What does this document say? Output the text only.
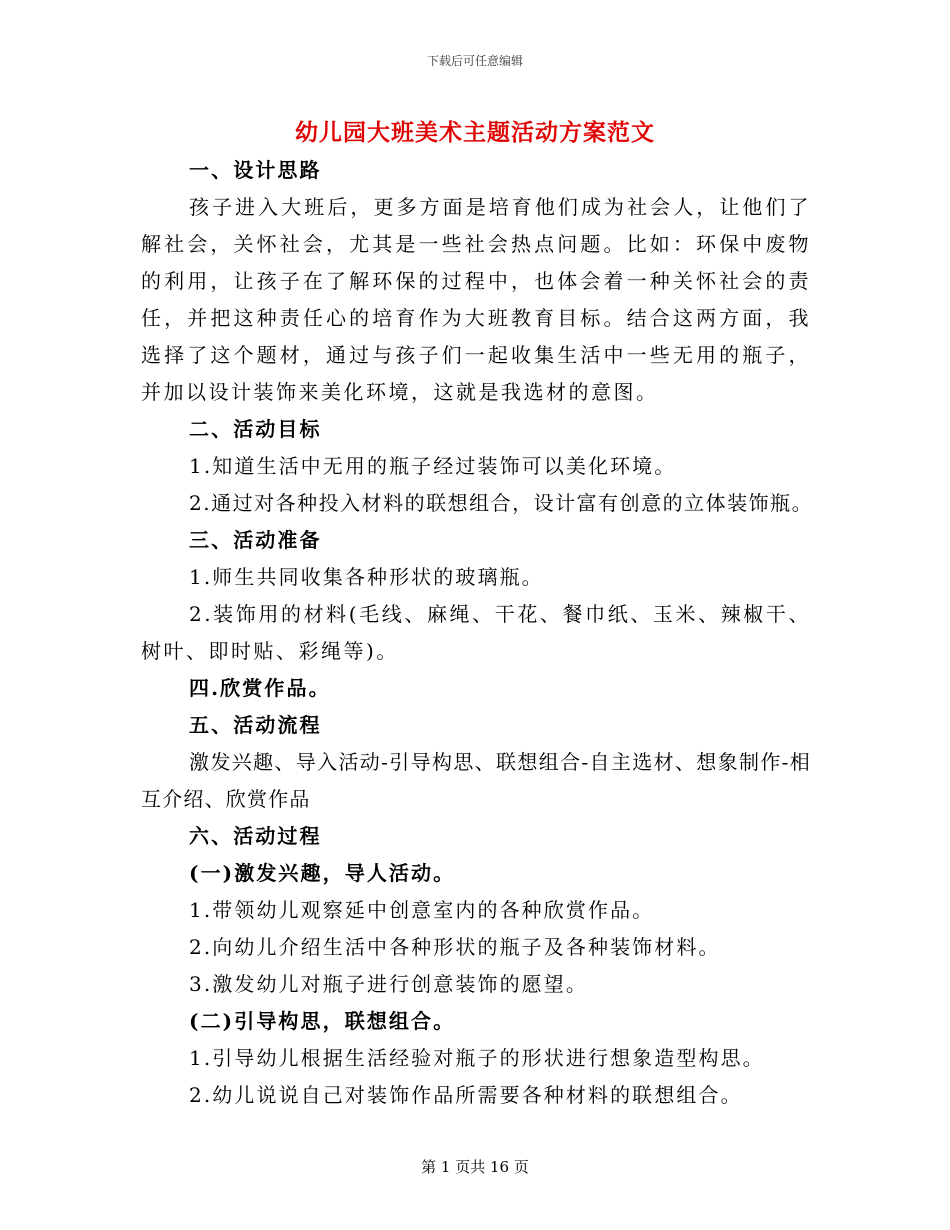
下载后可任意编辑
幼儿园大班美术主题活动方案范文
一、设计思路

孩子进入大班后，更多方面是培育他们成为社会人，让他们了解社会，关怀社会，尤其是一些社会热点问题。比如：环保中废物的利用，让孩子在了解环保的过程中，也体会着一种关怀社会的责任，并把这种责任心的培育作为大班教育目标。结合这两方面，我选择了这个题材，通过与孩子们一起收集生活中一些无用的瓶子，并加以设计装饰来美化环境，这就是我选材的意图。

二、活动目标
1.知道生活中无用的瓶子经过装饰可以美化环境。
2.通过对各种投入材料的联想组合，设计富有创意的立体装饰瓶。
三、活动准备
1.师生共同收集各种形状的玻璃瓶。

2.装饰用的材料(毛线、麻绳、干花、餐巾纸、玉米、辣椒干、树叶、即时贴、彩绳等)。

四.欣赏作品。
五、活动流程

激发兴趣、导入活动-引导构思、联想组合-自主选材、想象制作-相互介绍、欣赏作品

六、活动过程
(一)激发兴趣，导人活动。
1.带领幼儿观察延中创意室内的各种欣赏作品。
2.向幼儿介绍生活中各种形状的瓶子及各种装饰材料。
3.激发幼儿对瓶子进行创意装饰的愿望。
(二)引导构思，联想组合。
1.引导幼儿根据生活经验对瓶子的形状进行想象造型构思。
2.幼儿说说自己对装饰作品所需要各种材料的联想组合。
第 1 页共 16 页
